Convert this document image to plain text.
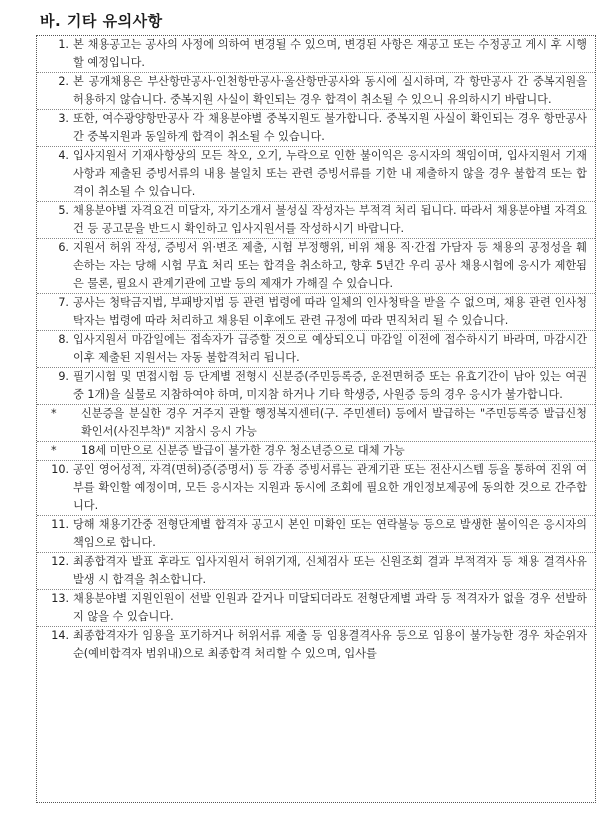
바. 기타 유의사항
1. 본 채용공고는 공사의 사정에 의하여 변경될 수 있으며, 변경된 사항은 재공고 또는 수정공고 게시 후 시행할 예정입니다.
2. 본 공개채용은 부산항만공사·인천항만공사·울산항만공사와 동시에 실시하며, 각 항만공사 간 중복지원을 허용하지 않습니다. 중복지원 사실이 확인되는 경우 합격이 취소될 수 있으니 유의하시기 바랍니다.
3. 또한, 여수광양항만공사 각 채용분야별 중복지원도 불가합니다. 중복지원 사실이 확인되는 경우 항만공사간 중복지원과 동일하게 합격이 취소될 수 있습니다.
4. 입사지원서 기재사항상의 모든 착오, 오기, 누락으로 인한 불이익은 응시자의 책임이며, 입사지원서 기재사항과 제출된 증빙서류의 내용 불일치 또는 관련 증빙서류를 기한 내 제출하지 않을 경우 불합격 또는 합격이 취소될 수 있습니다.
5. 채용분야별 자격요건 미달자, 자기소개서 불성실 작성자는 부적격 처리 됩니다. 따라서 채용분야별 자격요건 등 공고문을 반드시 확인하고 입사지원서를 작성하시기 바랍니다.
6. 지원서 허위 작성, 증빙서 위·변조 제출, 시험 부정행위, 비위 채용 직·간접 가담자 등 채용의 공정성을 훼손하는 자는 당해 시험 무효 처리 또는 합격을 취소하고, 향후 5년간 우리 공사 채용시험에 응시가 제한됨은 물론, 필요시 관계기관에 고발 등의 제재가 가해질 수 있습니다.
7. 공사는 청탁금지법, 부패방지법 등 관련 법령에 따라 일체의 인사청탁을 받을 수 없으며, 채용 관련 인사청탁자는 법령에 따라 처리하고 채용된 이후에도 관련 규정에 따라 면직처리 될 수 있습니다.
8. 입사지원서 마감일에는 접속자가 급증할 것으로 예상되오니 마감일 이전에 접수하시기 바라며, 마감시간 이후 제출된 지원서는 자동 불합격처리 됩니다.
9. 필기시험 및 면접시험 등 단계별 전형시 신분증(주민등록증, 운전면허증 또는 유효기간이 남아 있는 여권 중 1개)을 실물로 지참하여야 하며, 미지참 하거나 기타 학생증, 사원증 등의 경우 응시가 불가합니다.
*	신분증을 분실한 경우 거주지 관할 행정복지센터(구. 주민센터) 등에서 발급하는 "주민등록증 발급신청 확인서(사진부착)" 지참시 응시 가능
*	18세 미만으로 신분증 발급이 불가한 경우 청소년증으로 대체 가능
10. 공인 영어성적, 자격(면허)증(증명서) 등 각종 증빙서류는 관계기관 또는 전산시스템 등을 통하여 진위 여부를 확인할 예정이며, 모든 응시자는 지원과 동시에 조회에 필요한 개인정보제공에 동의한 것으로 간주합니다.
11. 당해 채용기간중 전형단계별 합격자 공고시 본인 미확인 또는 연락불능 등으로 발생한 불이익은 응시자의 책임으로 합니다.
12. 최종합격자 발표 후라도 입사지원서 허위기재, 신체검사 또는 신원조회 결과 부적격자 등 채용 결격사유 발생 시 합격을 취소합니다.
13. 채용분야별 지원인원이 선발 인원과 같거나 미달되더라도 전형단계별 과락 등 적격자가 없을 경우 선발하지 않을 수 있습니다.
14. 최종합격자가 임용을 포기하거나 허위서류 제출 등 임용결격사유 등으로 임용이 불가능한 경우 차순위자순(예비합격자 범위내)으로 최종합격 처리할 수 있으며, 입사를
